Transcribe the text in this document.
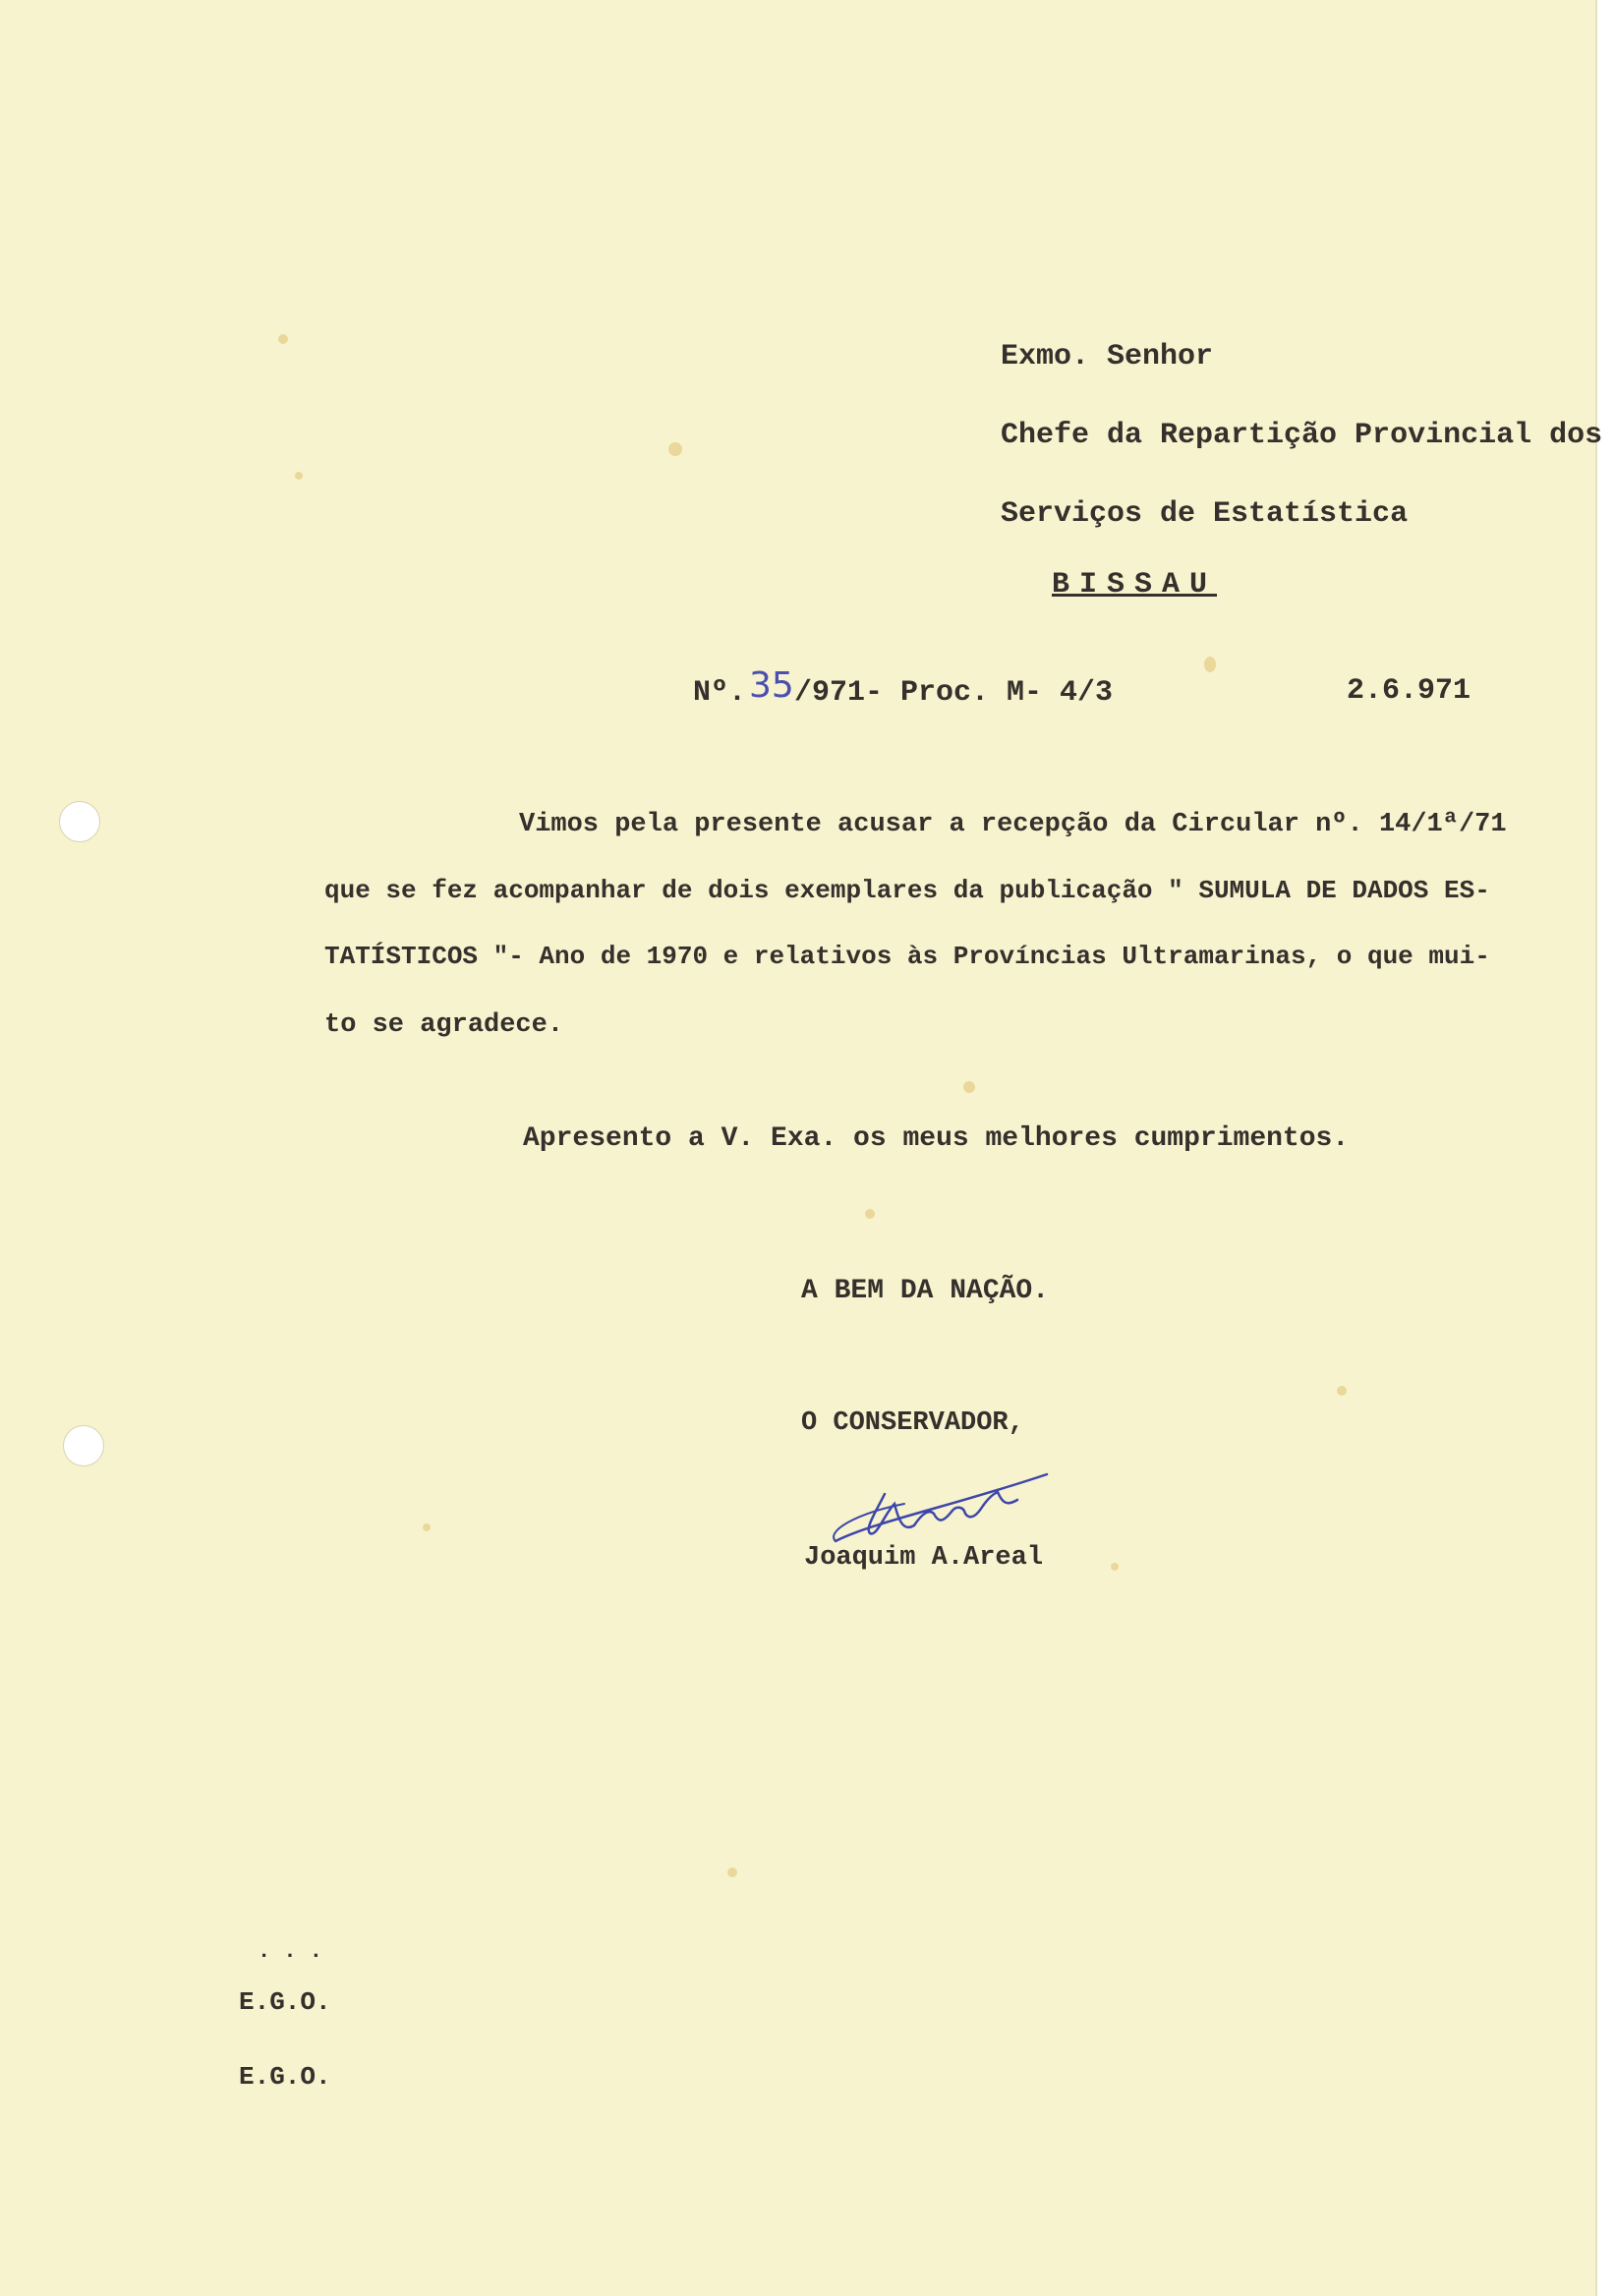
Exmo. Senhor
Chefe da Repartição Provincial dos
Serviços de Estatística
BISSAU
Nº. 35 /971- Proc. M- 4/3	2.6.971
Vimos pela presente acusar a recepção da Circular nº. 14/1ª/71
que se fez acompanhar de dois exemplares da publicação " SUMULA DE DADOS ES-
TATÍSTICOS "- Ano de 1970 e relativos às Províncias Ultramarinas, o que mui-
to se agradece.
Apresento a V. Exa. os meus melhores cumprimentos.
A BEM DA NAÇÃO.
O CONSERVADOR,
Joaquim A.Areal
. . .
E.G.O.
E.G.O.
